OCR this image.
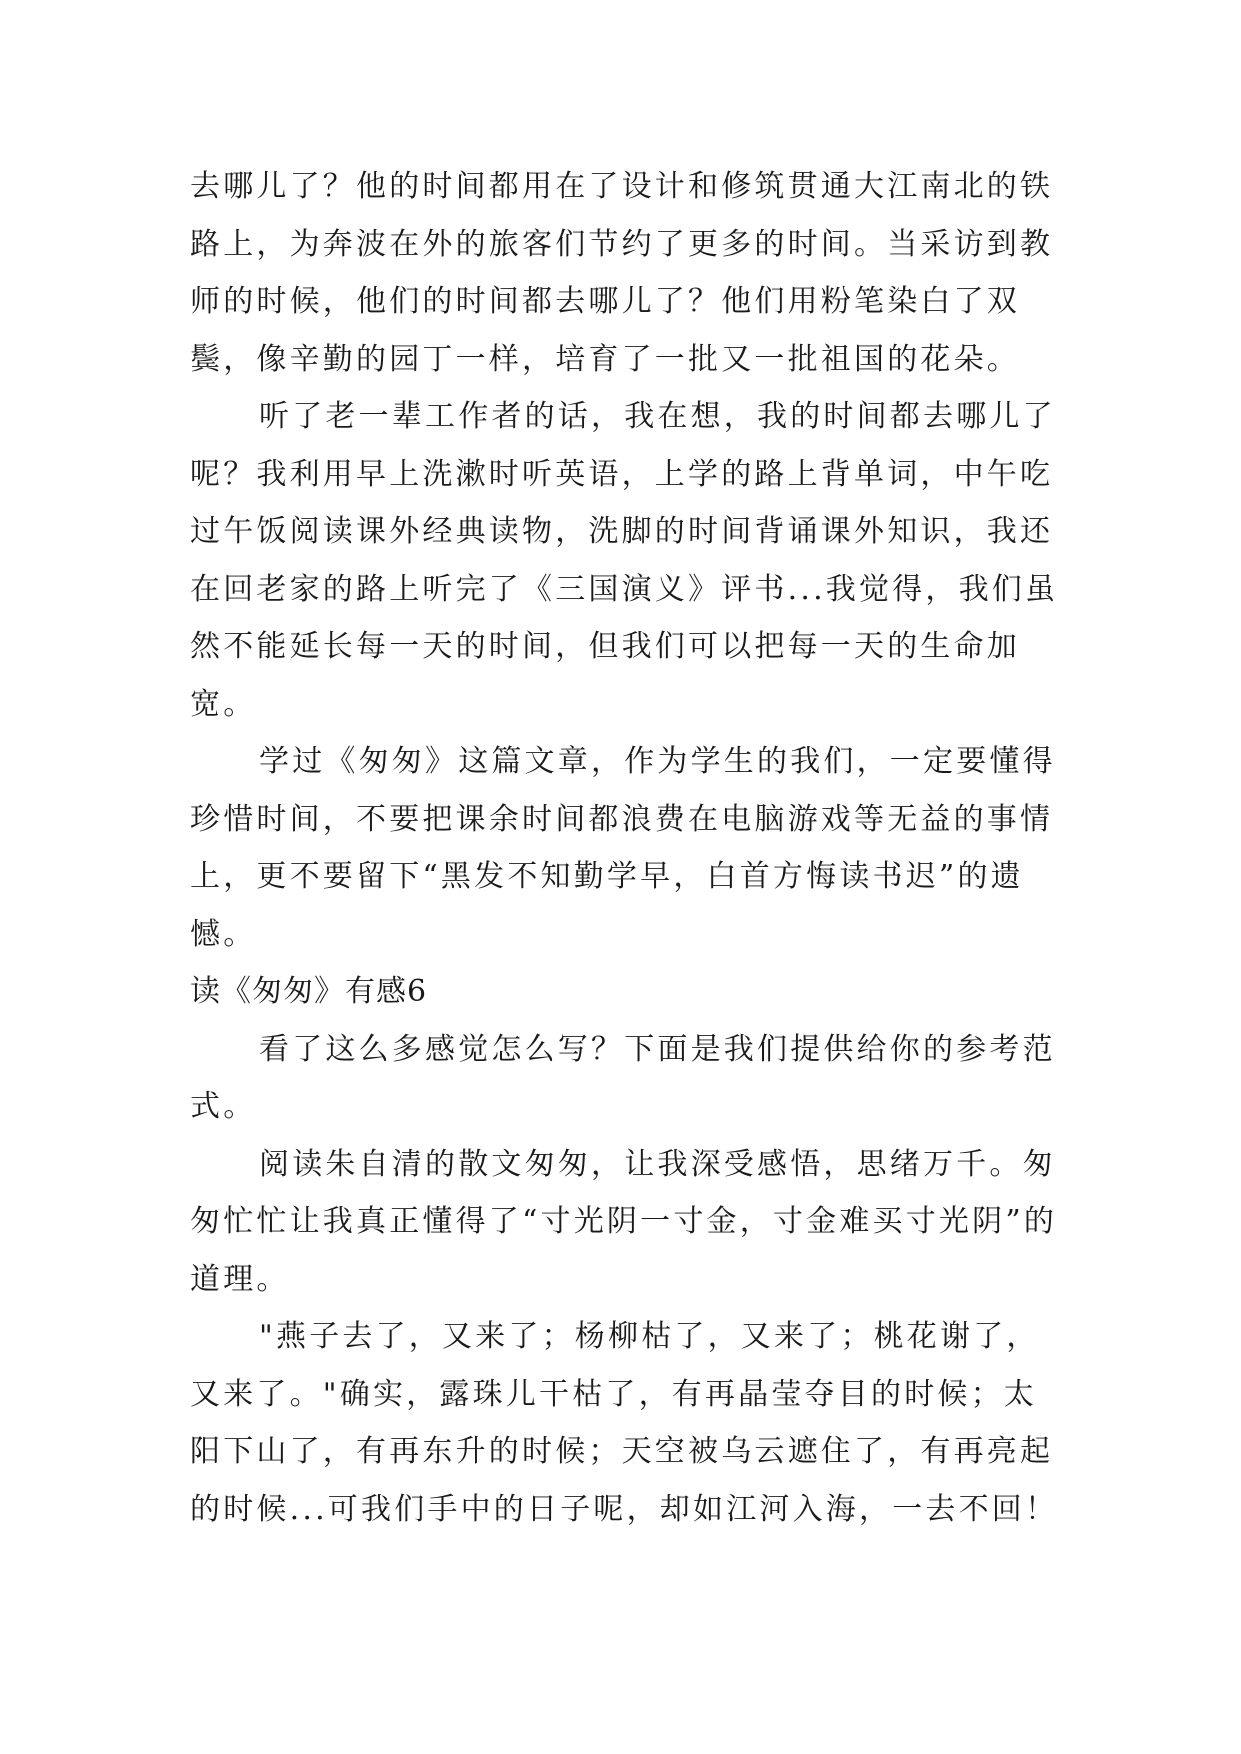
去哪儿了？他的时间都用在了设计和修筑贯通大江南北的铁路上，为奔波在外的旅客们节约了更多的时间。当采访到教师的时候，他们的时间都去哪儿了？他们用粉笔染白了双鬓，像辛勤的园丁一样，培育了一批又一批祖国的花朵。

听了老一辈工作者的话，我在想，我的时间都去哪儿了呢？我利用早上洗漱时听英语，上学的路上背单词，中午吃过午饭阅读课外经典读物，洗脚的时间背诵课外知识，我还在回老家的路上听完了《三国演义》评书...我觉得，我们虽然不能延长每一天的时间，但我们可以把每一天的生命加宽。

学过《匆匆》这篇文章，作为学生的我们，一定要懂得珍惜时间，不要把课余时间都浪费在电脑游戏等无益的事情上，更不要留下“黑发不知勤学早，白首方悔读书迟”的遗憾。

读《匆匆》有感6

看了这么多感觉怎么写？下面是我们提供给你的参考范式。

阅读朱自清的散文匆匆，让我深受感悟，思绪万千。匆匆忙忙让我真正懂得了“寸光阴一寸金，寸金难买寸光阴”的道理。

"燕子去了，又来了；杨柳枯了，又来了；桃花谢了，又来了。"确实，露珠儿干枯了，有再晶莹夺目的时候；太阳下山了，有再东升的时候；天空被乌云遮住了，有再亮起的时候...可我们手中的日子呢，却如江河入海，一去不回！
